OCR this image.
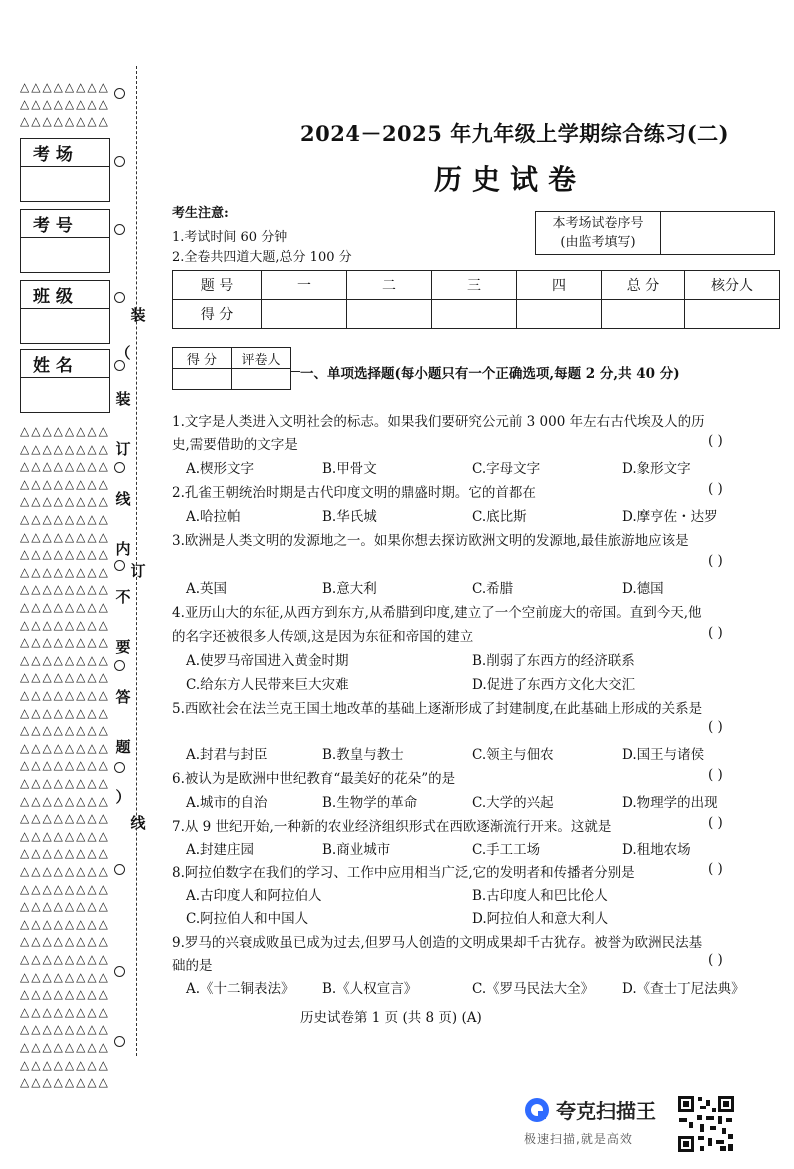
△△△△△△△△
△△△△△△△△
△△△△△△△△
考 场
考 号
班 级
姓 名
△△△△△△△△
△△△△△△△△
△△△△△△△△
△△△△△△△△
△△△△△△△△
△△△△△△△△
△△△△△△△△
△△△△△△△△
△△△△△△△△
△△△△△△△△
△△△△△△△△
△△△△△△△△
△△△△△△△△
△△△△△△△△
△△△△△△△△
△△△△△△△△
△△△△△△△△
△△△△△△△△
△△△△△△△△
△△△△△△△△
△△△△△△△△
△△△△△△△△
△△△△△△△△
△△△△△△△△
△△△△△△△△
△△△△△△△△
△△△△△△△△
△△△△△△△△
△△△△△△△△
△△△△△△△△
△△△△△△△△
△△△△△△△△
△△△△△△△△
△△△△△△△△
△△△△△△△△
△△△△△△△△
△△△△△△△△
△△△△△△△△
装
（
装
订
线
内
不
要
答
题
）
订
线
2024－2025 年九年级上学期综合练习(二)
历史试卷
考生注意:
1.考试时间 60 分钟
2.全卷共四道大题,总分 100 分
本考场试卷序号
(由监考填写)
题 号	一	二	三	四	总 分	核分人
得 分						
得 分	评卷人

一、单项选择题(每小题只有一个正确选项,每题 2 分,共 40 分)
1.文字是人类进入文明社会的标志。如果我们要研究公元前 3 000 年左右古代埃及人的历
史,需要借助的文字是	( )
A.楔形文字	B.甲骨文	C.字母文字	D.象形文字
2.孔雀王朝统治时期是古代印度文明的鼎盛时期。它的首都在	( )
A.哈拉帕	B.华氏城	C.底比斯	D.摩亨佐・达罗
3.欧洲是人类文明的发源地之一。如果你想去探访欧洲文明的发源地,最佳旅游地应该是
( )
A.英国	B.意大利	C.希腊	D.德国
4.亚历山大的东征,从西方到东方,从希腊到印度,建立了一个空前庞大的帝国。直到今天,他
的名字还被很多人传颂,这是因为东征和帝国的建立	( )
A.使罗马帝国进入黄金时期	B.削弱了东西方的经济联系
C.给东方人民带来巨大灾难	D.促进了东西方文化大交汇
5.西欧社会在法兰克王国土地改革的基础上逐渐形成了封建制度,在此基础上形成的关系是
( )
A.封君与封臣	B.教皇与教士	C.领主与佃农	D.国王与诸侯
6.被认为是欧洲中世纪教育“最美好的花朵”的是	( )
A.城市的自治	B.生物学的革命	C.大学的兴起	D.物理学的出现
7.从 9 世纪开始,一种新的农业经济组织形式在西欧逐渐流行开来。这就是	( )
A.封建庄园	B.商业城市	C.手工工场	D.租地农场
8.阿拉伯数字在我们的学习、工作中应用相当广泛,它的发明者和传播者分别是	( )
A.古印度人和阿拉伯人	B.古印度人和巴比伦人
C.阿拉伯人和中国人	D.阿拉伯人和意大利人
9.罗马的兴衰成败虽已成为过去,但罗马人创造的文明成果却千古犹存。被誉为欧洲民法基
础的是	( )
A.《十二铜表法》 B.《人权宣言》	C.《罗马民法大全》 D.《查士丁尼法典》
历史试卷第 1 页 (共 8 页) (A)
夸克扫描王
极速扫描,就是高效
